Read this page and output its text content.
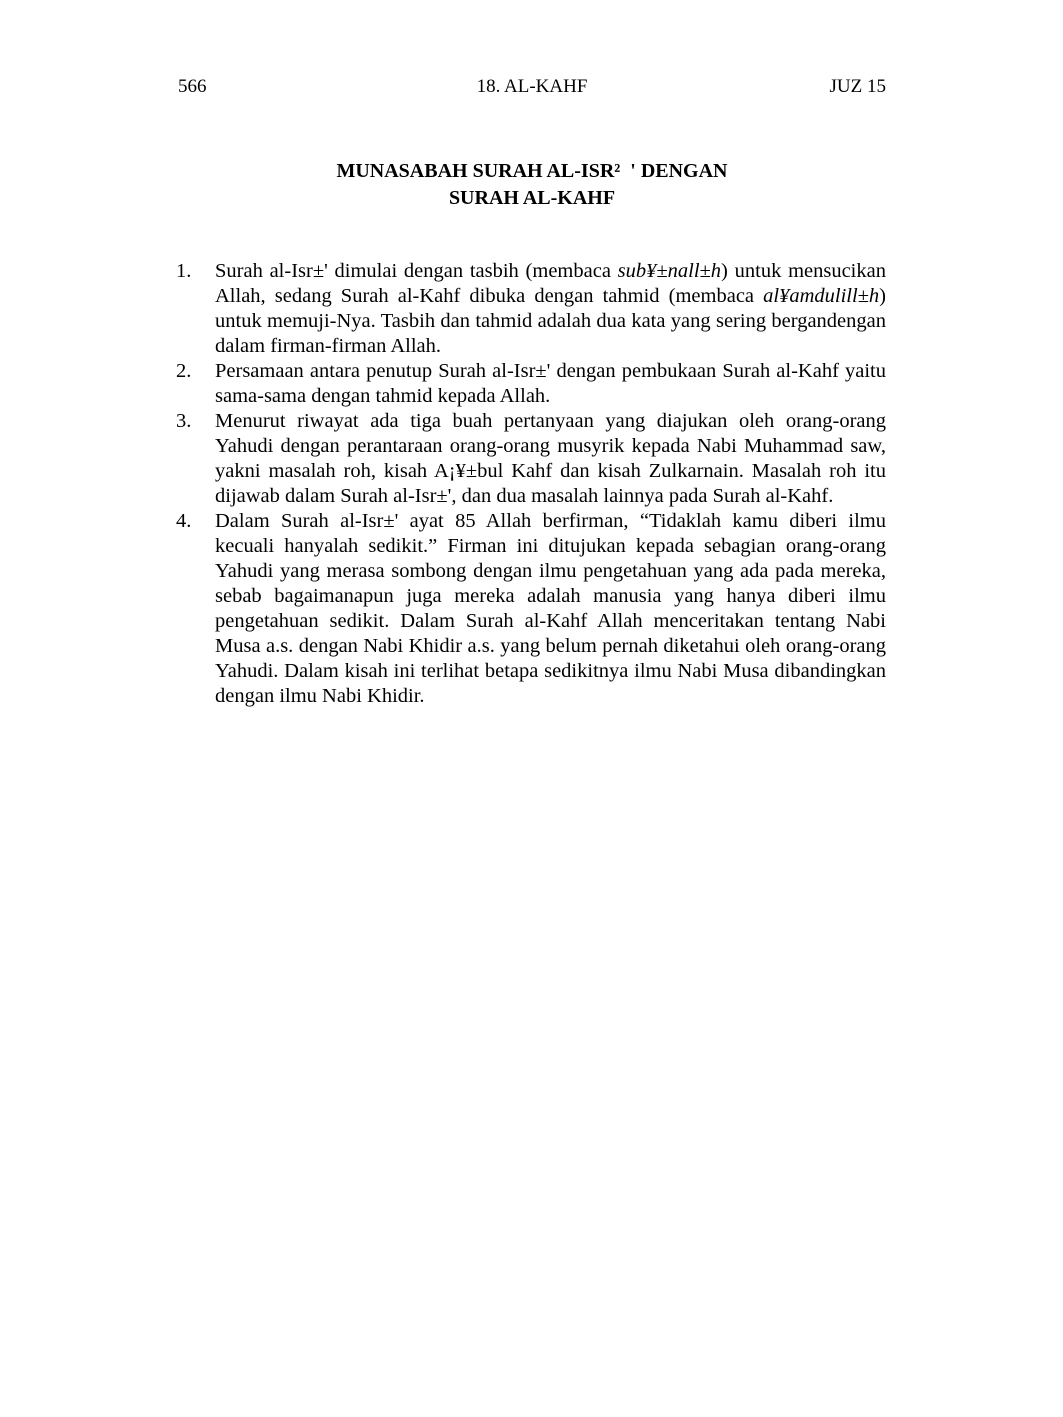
566	18. AL-KAHF	JUZ 15
MUNASABAH SURAH AL-ISR²  ' DENGAN
SURAH AL-KAHF
1. Surah al-Isr±' dimulai dengan tasbih (membaca sub¥±nall±h) untuk mensucikan Allah, sedang Surah al-Kahf dibuka dengan tahmid (membaca al¥amdulill±h) untuk memuji-Nya. Tasbih dan tahmid adalah dua kata yang sering bergandengan dalam firman-firman Allah.
2. Persamaan antara penutup Surah al-Isr±' dengan pembukaan Surah al-Kahf yaitu sama-sama dengan tahmid kepada Allah.
3. Menurut riwayat ada tiga buah pertanyaan yang diajukan oleh orang-orang Yahudi dengan perantaraan orang-orang musyrik kepada Nabi Muhammad saw, yakni masalah roh, kisah A¡¥±bul Kahf dan kisah Zulkarnain. Masalah roh itu dijawab dalam Surah al-Isr±', dan dua masalah lainnya pada Surah al-Kahf.
4. Dalam Surah al-Isr±' ayat 85 Allah berfirman, “Tidaklah kamu diberi ilmu kecuali hanyalah sedikit.” Firman ini ditujukan kepada sebagian orang-orang Yahudi yang merasa sombong dengan ilmu pengetahuan yang ada pada mereka, sebab bagaimanapun juga mereka adalah manusia yang hanya diberi ilmu pengetahuan sedikit. Dalam Surah al-Kahf Allah menceritakan tentang Nabi Musa a.s. dengan Nabi Khidir a.s. yang belum pernah diketahui oleh orang-orang Yahudi. Dalam kisah ini terlihat betapa sedikitnya ilmu Nabi Musa dibandingkan dengan ilmu Nabi Khidir.
